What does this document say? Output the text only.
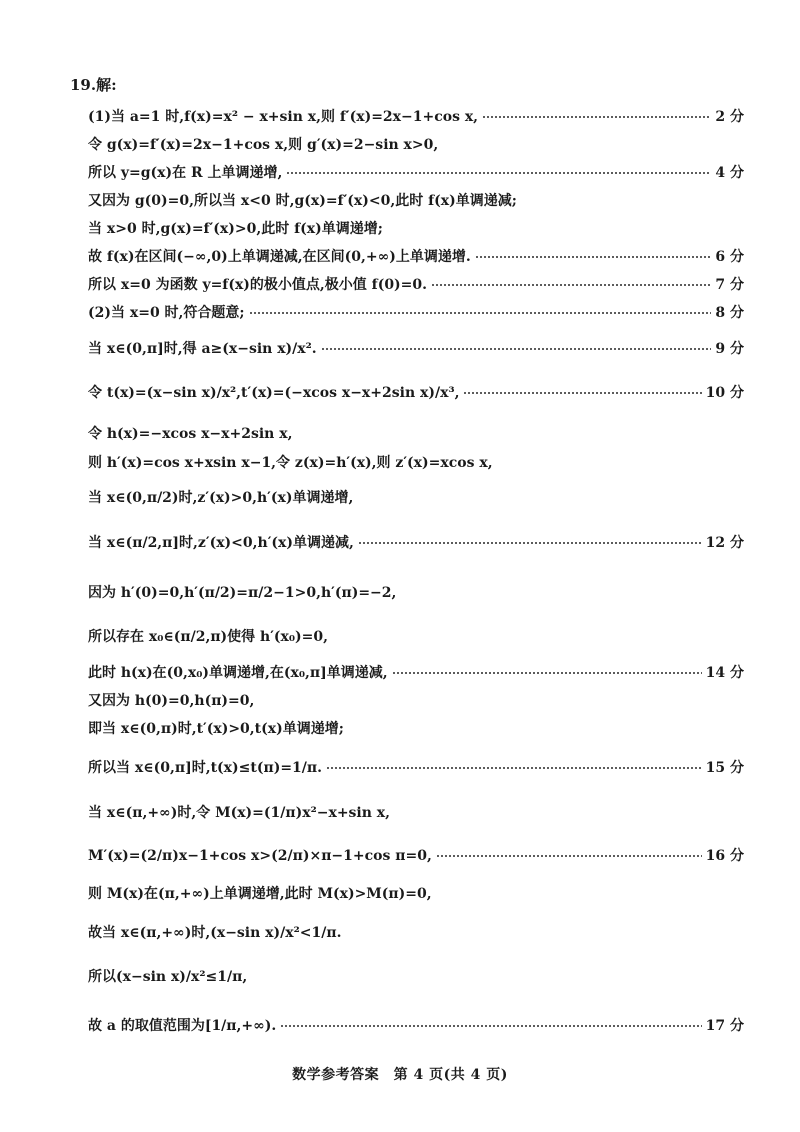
19.解:
(1)当 a=1 时,f(x)=x² − x+sin x,则 f′(x)=2x−1+cos x,	2 分
令 g(x)=f′(x)=2x−1+cos x,则 g′(x)=2−sin x>0,
所以 y=g(x)在 R 上单调递增,	4 分
又因为 g(0)=0,所以当 x<0 时,g(x)=f′(x)<0,此时 f(x)单调递减;
当 x>0 时,g(x)=f′(x)>0,此时 f(x)单调递增;
故 f(x)在区间(−∞,0)上单调递减,在区间(0,+∞)上单调递增.	6 分
所以 x=0 为函数 y=f(x)的极小值点,极小值 f(0)=0.	7 分
(2)当 x=0 时,符合题意;	8 分
当 x∈(0,π]时,得 a≥(x−sin x)/x².	9 分
令 t(x)=(x−sin x)/x²,t′(x)=(−xcos x−x+2sin x)/x³,	10 分
令 h(x)=−xcos x−x+2sin x,
则 h′(x)=cos x+xsin x−1,令 z(x)=h′(x),则 z′(x)=xcos x,
当 x∈(0,π/2)时,z′(x)>0,h′(x)单调递增,
当 x∈(π/2,π]时,z′(x)<0,h′(x)单调递减,	12 分
因为 h′(0)=0,h′(π/2)=π/2−1>0,h′(π)=−2,
所以存在 x₀∈(π/2,π)使得 h′(x₀)=0,
此时 h(x)在(0,x₀)单调递增,在(x₀,π]单调递减,	14 分
又因为 h(0)=0,h(π)=0,
即当 x∈(0,π)时,t′(x)>0,t(x)单调递增;
所以当 x∈(0,π]时,t(x)≤t(π)=1/π.	15 分
当 x∈(π,+∞)时,令 M(x)=(1/π)x²−x+sin x,
M′(x)=(2/π)x−1+cos x>(2/π)×π−1+cos π=0,	16 分
则 M(x)在(π,+∞)上单调递增,此时 M(x)>M(π)=0,
故当 x∈(π,+∞)时,(x−sin x)/x²<1/π.
所以(x−sin x)/x²≤1/π,
故 a 的取值范围为[1/π,+∞).	17 分
数学参考答案　第 4 页(共 4 页)
